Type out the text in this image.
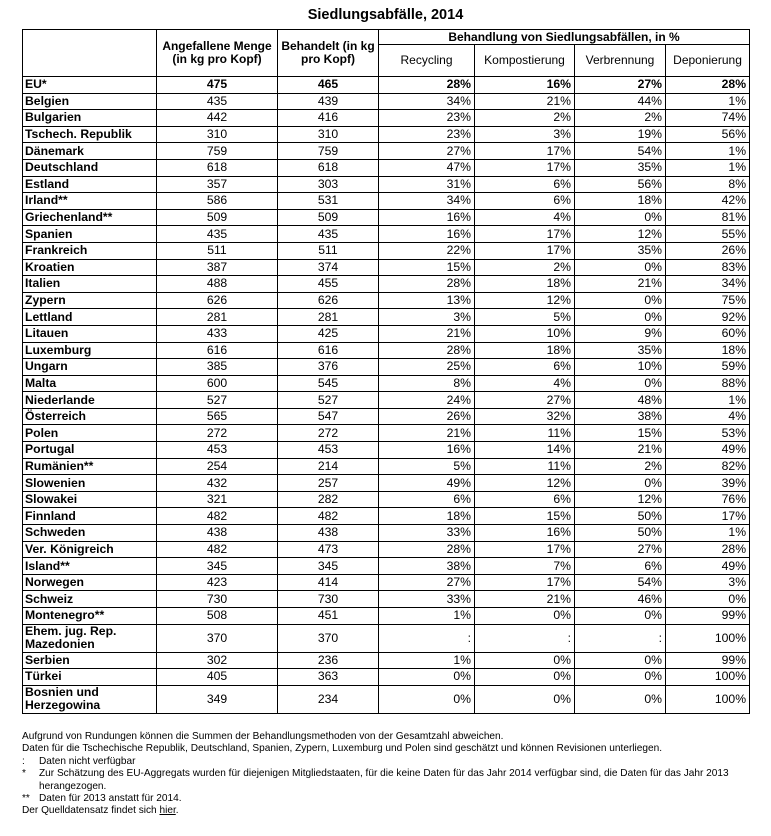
Siedlungsabfälle, 2014
	Angefallene Menge (in kg pro Kopf)	Behandelt (in kg pro Kopf)	Behandlung von Siedlungsabfällen, in %			
			Recycling	Kompostierung	Verbrennung	Deponierung
EU*	475	465	28%	16%	27%	28%
Belgien	435	439	34%	21%	44%	1%
Bulgarien	442	416	23%	2%	2%	74%
Tschech. Republik	310	310	23%	3%	19%	56%
Dänemark	759	759	27%	17%	54%	1%
Deutschland	618	618	47%	17%	35%	1%
Estland	357	303	31%	6%	56%	8%
Irland**	586	531	34%	6%	18%	42%
Griechenland**	509	509	16%	4%	0%	81%
Spanien	435	435	16%	17%	12%	55%
Frankreich	511	511	22%	17%	35%	26%
Kroatien	387	374	15%	2%	0%	83%
Italien	488	455	28%	18%	21%	34%
Zypern	626	626	13%	12%	0%	75%
Lettland	281	281	3%	5%	0%	92%
Litauen	433	425	21%	10%	9%	60%
Luxemburg	616	616	28%	18%	35%	18%
Ungarn	385	376	25%	6%	10%	59%
Malta	600	545	8%	4%	0%	88%
Niederlande	527	527	24%	27%	48%	1%
Österreich	565	547	26%	32%	38%	4%
Polen	272	272	21%	11%	15%	53%
Portugal	453	453	16%	14%	21%	49%
Rumänien**	254	214	5%	11%	2%	82%
Slowenien	432	257	49%	12%	0%	39%
Slowakei	321	282	6%	6%	12%	76%
Finnland	482	482	18%	15%	50%	17%
Schweden	438	438	33%	16%	50%	1%
Ver. Königreich	482	473	28%	17%	27%	28%
Island**	345	345	38%	7%	6%	49%
Norwegen	423	414	27%	17%	54%	3%
Schweiz	730	730	33%	21%	46%	0%
Montenegro**	508	451	1%	0%	0%	99%
Ehem. jug. Rep. Mazedonien	370	370	:	:	:	100%
Serbien	302	236	1%	0%	0%	99%
Türkei	405	363	0%	0%	0%	100%
Bosnien und Herzegowina	349	234	0%	0%	0%	100%
Aufgrund von Rundungen können die Summen der Behandlungsmethoden von der Gesamtzahl abweichen.
Daten für die Tschechische Republik, Deutschland, Spanien, Zypern, Luxemburg und Polen sind geschätzt und können Revisionen unterliegen.
: Daten nicht verfügbar
* Zur Schätzung des EU-Aggregats wurden für diejenigen Mitgliedstaaten, für die keine Daten für das Jahr 2014 verfügbar sind, die Daten für das Jahr 2013 herangezogen.
** Daten für 2013 anstatt für 2014.
Der Quelldatensatz findet sich hier.
